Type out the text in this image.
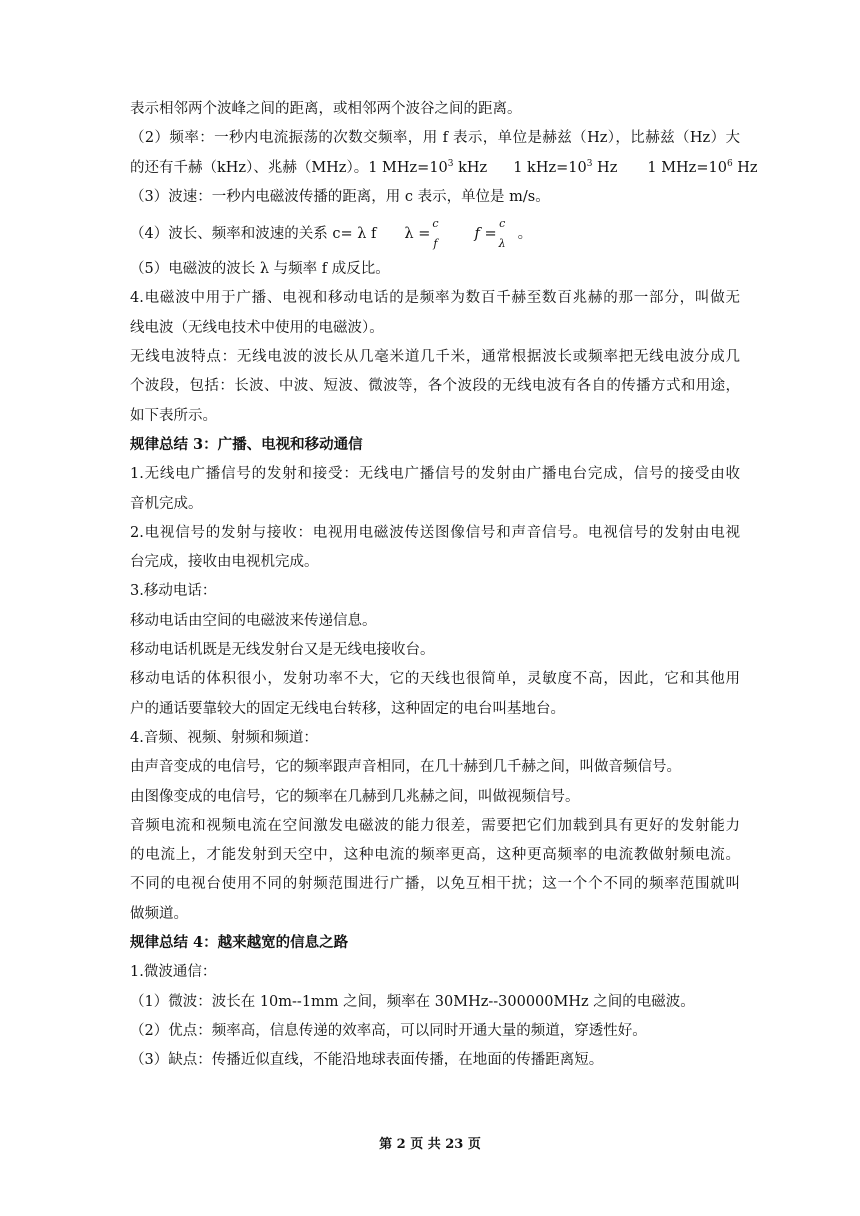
表示相邻两个波峰之间的距离，或相邻两个波谷之间的距离。
（2）频率：一秒内电流振荡的次数交频率，用 f 表示，单位是赫兹（Hz），比赫兹（Hz）大
的还有千赫（kHz）、兆赫（MHz）。1 $MHz=10^3$ kHz 1 $kHz=10^3$ Hz 1 $MHz=10^6$ Hz
（3）波速：一秒内电磁波传播的距离，用 c 表示，单位是 m/s。
（4）波长、频率和波速的关系 c= λ f λ =
c
f
f =
c
λ
。
（5）电磁波的波长 λ 与频率 f 成反比。
4.电磁波中用于广播、电视和移动电话的是频率为数百千赫至数百兆赫的那一部分，叫做无
线电波（无线电技术中使用的电磁波）。
无线电波特点：无线电波的波长从几毫米道几千米，通常根据波长或频率把无线电波分成几
个波段，包括：长波、中波、短波、微波等，各个波段的无线电波有各自的传播方式和用途，
如下表所示。
规律总结 3：广播、电视和移动通信
1.无线电广播信号的发射和接受：无线电广播信号的发射由广播电台完成，信号的接受由收
音机完成。
2.电视信号的发射与接收：电视用电磁波传送图像信号和声音信号。电视信号的发射由电视
台完成，接收由电视机完成。
3.移动电话：
移动电话由空间的电磁波来传递信息。
移动电话机既是无线发射台又是无线电接收台。
移动电话的体积很小，发射功率不大，它的天线也很简单，灵敏度不高，因此，它和其他用
户的通话要靠较大的固定无线电台转移，这种固定的电台叫基地台。
4.音频、视频、射频和频道：
由声音变成的电信号，它的频率跟声音相同，在几十赫到几千赫之间，叫做音频信号。
由图像变成的电信号，它的频率在几赫到几兆赫之间，叫做视频信号。
音频电流和视频电流在空间激发电磁波的能力很差，需要把它们加载到具有更好的发射能力
的电流上，才能发射到天空中，这种电流的频率更高，这种更高频率的电流教做射频电流。
不同的电视台使用不同的射频范围进行广播，以免互相干扰；这一个个不同的频率范围就叫
做频道。
规律总结 4：越来越宽的信息之路
1.微波通信：
（1）微波：波长在 10m--1mm 之间，频率在 30MHz--300000MHz 之间的电磁波。
（2）优点：频率高，信息传递的效率高，可以同时开通大量的频道，穿透性好。
（3）缺点：传播近似直线，不能沿地球表面传播，在地面的传播距离短。
第 2 页 共 23 页
